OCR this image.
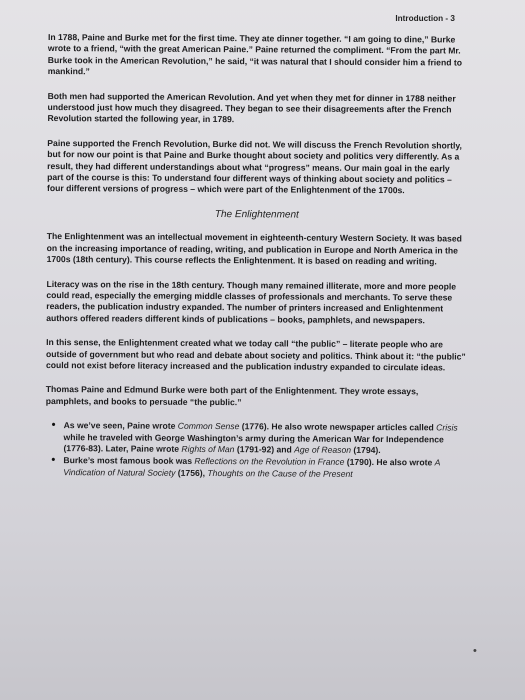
Introduction - 3

In 1788, Paine and Burke met for the first time. They ate dinner together. “I am going to dine,” Burke wrote to a friend, “with the great American Paine.” Paine returned the compliment. “From the part Mr. Burke took in the American Revolution,” he said, “it was natural that I should consider him a friend to mankind.”

Both men had supported the American Revolution. And yet when they met for dinner in 1788 neither understood just how much they disagreed. They began to see their disagreements after the French Revolution started the following year, in 1789.

Paine supported the French Revolution, Burke did not. We will discuss the French Revolution shortly, but for now our point is that Paine and Burke thought about society and politics very differently. As a result, they had different understandings about what “progress” means. Our main goal in the early part of the course is this: To understand four different ways of thinking about society and politics – four different versions of progress – which were part of the Enlightenment of the 1700s.

The Enlightenment

The Enlightenment was an intellectual movement in eighteenth-century Western Society. It was based on the increasing importance of reading, writing, and publication in Europe and North America in the 1700s (18th century). This course reflects the Enlightenment. It is based on reading and writing.

Literacy was on the rise in the 18th century. Though many remained illiterate, more and more people could read, especially the emerging middle classes of professionals and merchants. To serve these readers, the publication industry expanded. The number of printers increased and Enlightenment authors offered readers different kinds of publications – books, pamphlets, and newspapers.

In this sense, the Enlightenment created what we today call “the public” – literate people who are outside of government but who read and debate about society and politics. Think about it: “the public” could not exist before literacy increased and the publication industry expanded to circulate ideas.

Thomas Paine and Edmund Burke were both part of the Enlightenment. They wrote essays, pamphlets, and books to persuade “the public.”

• As we’ve seen, Paine wrote Common Sense (1776). He also wrote newspaper articles called Crisis while he traveled with George Washington’s army during the American War for Independence (1776-83). Later, Paine wrote Rights of Man (1791-92) and Age of Reason (1794).
• Burke’s most famous book was Reflections on the Revolution in France (1790). He also wrote A Vindication of Natural Society (1756), Thoughts on the Cause of the Present
•
